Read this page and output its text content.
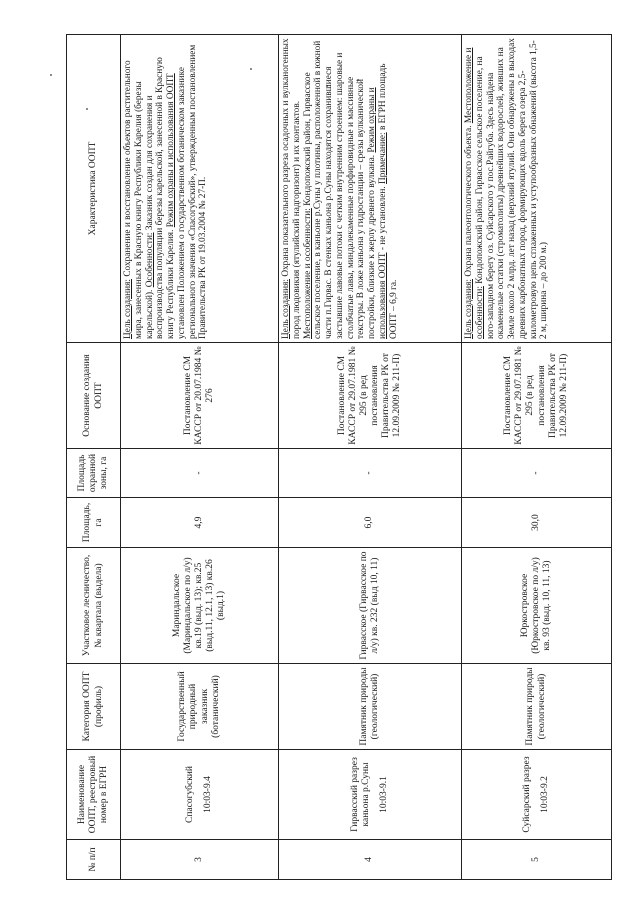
№ п/п	Наименование ООПТ, реестровый номер в ЕГРН	Категория ООПТ (профиль)	Участковое лесничество, № квартала (выдела)	Площадь, га	Площадь охранной зоны, га	Основание создания ООПТ	Характеристика ООПТ
3	Спасогубский 10:03-9.4	Государственный природный заказник (ботанический)	Мариндальское (Мариндальское по л/у) кв.19 (выд. 13); кв.25 (выд.11, 12.1, 13) кв.26 (выд.1)	4,9	-	Постановление СМ КАССР от 20.07.1984 № 276	Цель создания: Сохранение и восстановление объектов растительного мира, занесенных в Красную книгу Республики Карелия (березы карельской). Особенности: Заказник создан для сохранения и воспроизводства популяции березы карельской, занесенной в Красную книгу Республики Карелия. Режим охраны и использования ООПТ установлен Положением о государственном ботаническом заказнике регионального значения «Спасогубский», утвержденным постановлением Правительства РК от 19.03.2004 № 27-П.
4	Гирвасский разрез каньона р.Суны 10:03-9.1	Памятник природы (геологический)	Гирвасское (Гирвасское по л/у) кв. 232 (выд 10, 11)	6,0	-	Постановление СМ КАССР от 29.07.1981 № 295 (в ред постановления Правительства РК от 12.09.2009 № 211-П)	Цель создания: Охрана показательного разреза осадочных и вулканогенных пород людовикия (ятулийский надгоризонт) и их контактов. Местоположение и особенности: Кондопожский район, Гирвасское сельское поселение, в каньоне р.Суны у плотины, расположенной в южной части п.Гирвас. В стенках каньона р.Суны находятся сохранившиеся застывшие лавовые потоки с четким внутренним строением: шаровые и столбчатые лавы, миндалекаменные порфировидные и массивные текстуры. В ложе каньона у гидростанции – срезы вулканической постройки, близкие к жерлу древнего вулкана. Режим охраны и использования ООПТ - не установлен. Примечание: в ЕГРН площадь ООПТ – 6,9 га.
5	Суйсарский разрез 10:03-9.2	Памятник природы (геологический)	Юркостровское (Юркостровское по л/у) кв. 93 (выд. 10, 11, 13)	30,0	-	Постановление СМ КАССР от 29.07.1981 № 295 (в ред постановления Правительства РК от 12.09.2009 № 211-П)	Цель создания: Охрана палеонтологического объекта. Местоположение и особенности: Кондопожский район, Гирвасское сельское поселение, на юго-западном берегу оз. Суйсарского у пос.Райгуба. Здесь найдена окаменелые остатки (строматолиты) древнейших водорослей, живших на Земле около 2 млрд. лет назад (верхний ятулий. Они обнаружены в выходах древних карбонатных пород, формирующих вдоль берега озера 2,5-километровую цепь сглаженных и уступообразных обнажений (высота 1,5-2 м, ширина – до 200 м.)
